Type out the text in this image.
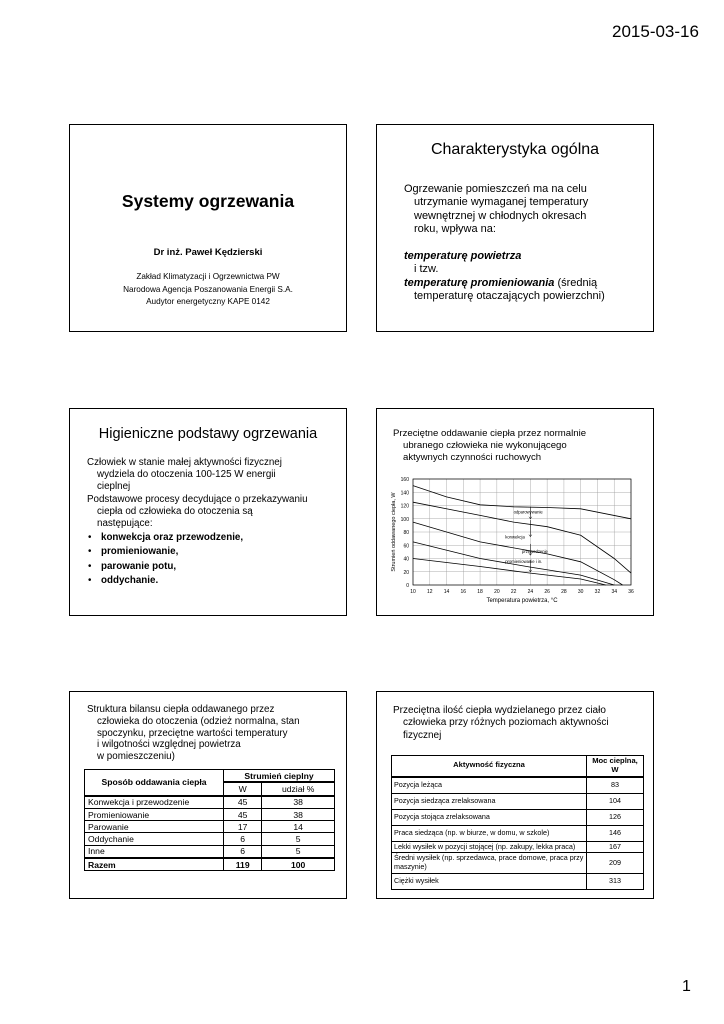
2015-03-16
1
Systemy ogrzewania
Dr inż. Paweł Kędzierski
Zakład Klimatyzacji i Ogrzewnictwa PW
Narodowa Agencja Poszanowania Energii S.A.
Audytor energetyczny KAPE 0142
Charakterystyka ogólna
Ogrzewanie pomieszczeń ma na celu
utrzymanie wymaganej temperatury
wewnętrznej w chłodnych okresach
roku, wpływa na:
temperaturę powietrza
i tzw.
temperaturę promieniowania (średnią
temperaturę otaczających powierzchni)
Higieniczne podstawy ogrzewania

Człowiek w stanie małej aktywności fizycznej

wydziela do otoczenia 100-125 W energii

cieplnej

Podstawowe procesy decydujące o przekazywaniu

ciepła od człowieka do otoczenia są

następujące:

• konwekcja oraz przewodzenie,
• promieniowanie,
• parowanie potu,
• oddychanie.
Przeciętne oddawanie ciepła przez normalnie
ubranego człowieka nie wykonującego
aktywnych czynności ruchowych
10 12 14 16 18 20 22 24 26 28 30 32 34 36
0
20
40
60
80
100
120
140
160
Temperatura powietrza, °C
Strumień oddawanego ciepła, W	odparowywanie
konwekcja
przewodzenie
promieniowanie i in.
Struktura bilansu ciepła oddawanego przez
człowieka do otoczenia (odzież normalna, stan
spoczynku, przeciętne wartości temperatury
i wilgotności względnej powietrza
w pomieszczeniu)
Sposób oddawania ciepła	Strumień cieplny	
	W	udział %
Konwekcja i przewodzenie	45	38
Promieniowanie	45	38
Parowanie	17	14
Oddychanie	6	5
Inne	6	5
Razem	119	100
Przeciętna ilość ciepła wydzielanego przez ciało
człowieka przy różnych poziomach aktywności
fizycznej
Aktywność fizyczna	Moc cieplna, W
Pozycja leżąca	83
Pozycja siedząca zrelaksowana	104
Pozycja stojąca zrelaksowana	126
Praca siedząca (np. w biurze, w domu, w szkole)	146
Lekki wysiłek w pozycji stojącej (np. zakupy, lekka praca)	167
Średni wysiłek (np. sprzedawca, prace domowe, praca przy maszynie)	209
Ciężki wysiłek	313
